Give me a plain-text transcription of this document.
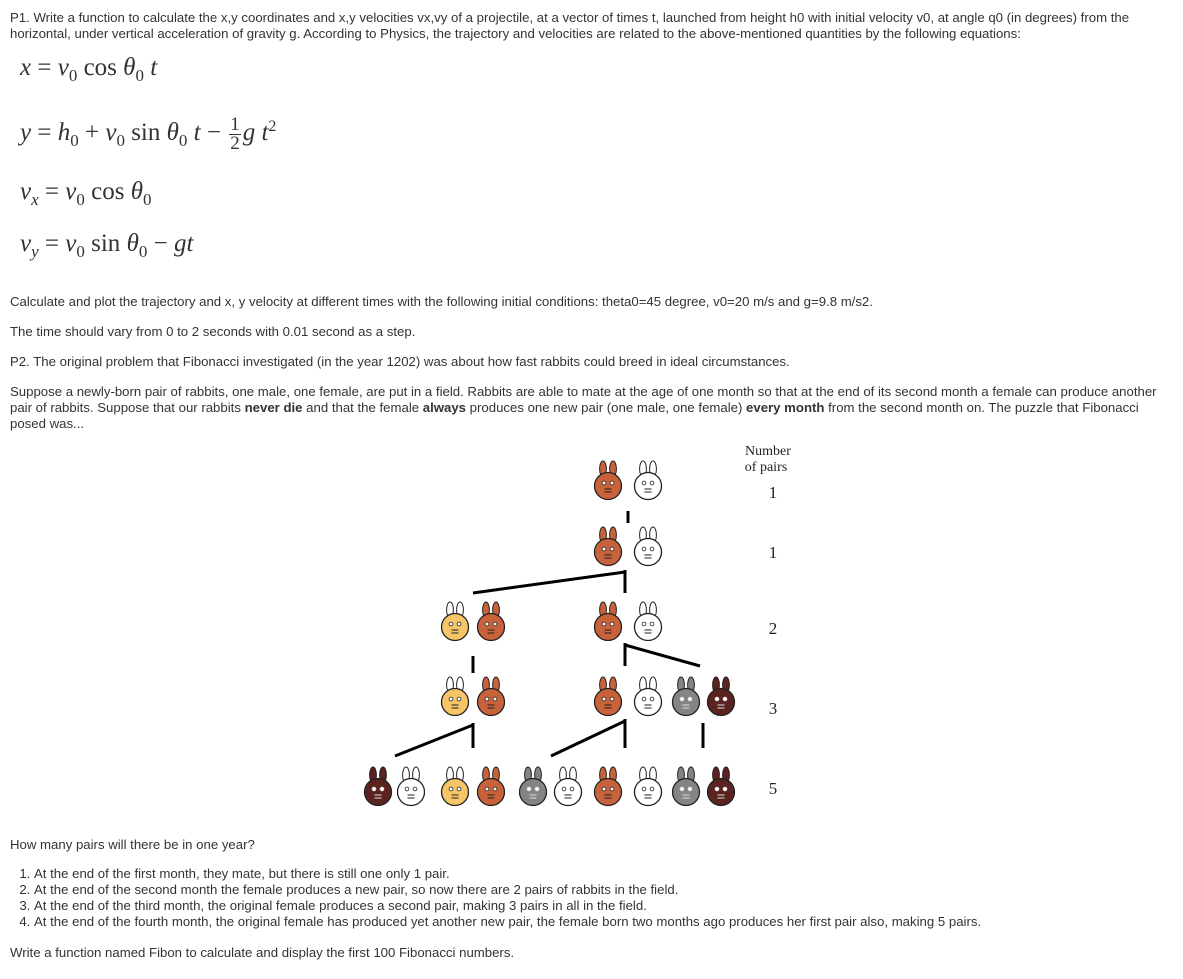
P1. Write a function to calculate the x,y coordinates and x,y velocities vx,vy of a projectile, at a vector of times t, launched from height h0 with initial velocity v0, at angle q0 (in degrees) from the horizontal, under vertical acceleration of gravity g. According to Physics, the trajectory and velocities are related to the above-mentioned quantities by the following equations:

$x = v_0$ $\cos \theta_0$ t
$y = h_0 + v_0$ $\sin \theta_0$ $t - \frac{1}{2}$ g $t^2$
$v_x = v_0$ $\cos \theta_0$
$v_y = v_0$ $\sin \theta_0$ − gt

Calculate and plot the trajectory and x, y velocity at different times with the following initial conditions: theta0=45 degree, v0=20 m/s and g=9.8 m/s2.

The time should vary from 0 to 2 seconds with 0.01 second as a step.

P2. The original problem that Fibonacci investigated (in the year 1202) was about how fast rabbits could breed in ideal circumstances.

Suppose a newly-born pair of rabbits, one male, one female, are put in a field. Rabbits are able to mate at the age of one month so that at the end of its second month a female can produce another pair of rabbits. Suppose that our rabbits never die and that the female always produces one new pair (one male, one female) every month from the second month on. The puzzle that Fibonacci posed was...

Number
of pairs
1
1
2
3
5

How many pairs will there be in one year?

1. At the end of the first month, they mate, but there is still one only 1 pair.
2. At the end of the second month the female produces a new pair, so now there are 2 pairs of rabbits in the field.
3. At the end of the third month, the original female produces a second pair, making 3 pairs in all in the field.
4. At the end of the fourth month, the original female has produced yet another new pair, the female born two months ago produces her first pair also, making 5 pairs.

Write a function named Fibon to calculate and display the first 100 Fibonacci numbers.
